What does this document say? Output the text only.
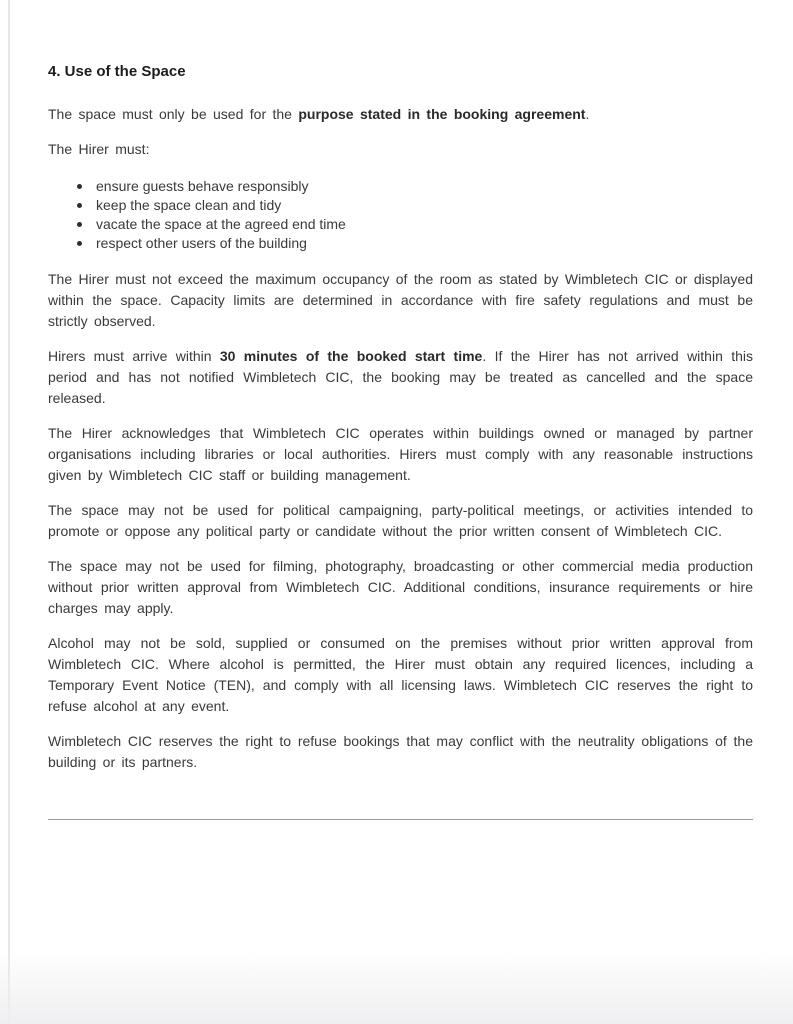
4. Use of the Space

The space must only be used for the purpose stated in the booking agreement.

The Hirer must:

ensure guests behave responsibly
keep the space clean and tidy
vacate the space at the agreed end time
respect other users of the building

The Hirer must not exceed the maximum occupancy of the room as stated by Wimbletech CIC or displayed within the space. Capacity limits are determined in accordance with fire safety regulations and must be strictly observed.

Hirers must arrive within 30 minutes of the booked start time. If the Hirer has not arrived within this period and has not notified Wimbletech CIC, the booking may be treated as cancelled and the space released.

The Hirer acknowledges that Wimbletech CIC operates within buildings owned or managed by partner organisations including libraries or local authorities. Hirers must comply with any reasonable instructions given by Wimbletech CIC staff or building management.

The space may not be used for political campaigning, party-political meetings, or activities intended to promote or oppose any political party or candidate without the prior written consent of Wimbletech CIC.

The space may not be used for filming, photography, broadcasting or other commercial media production without prior written approval from Wimbletech CIC. Additional conditions, insurance requirements or hire charges may apply.

Alcohol may not be sold, supplied or consumed on the premises without prior written approval from Wimbletech CIC. Where alcohol is permitted, the Hirer must obtain any required licences, including a Temporary Event Notice (TEN), and comply with all licensing laws. Wimbletech CIC reserves the right to refuse alcohol at any event.

Wimbletech CIC reserves the right to refuse bookings that may conflict with the neutrality obligations of the building or its partners.
